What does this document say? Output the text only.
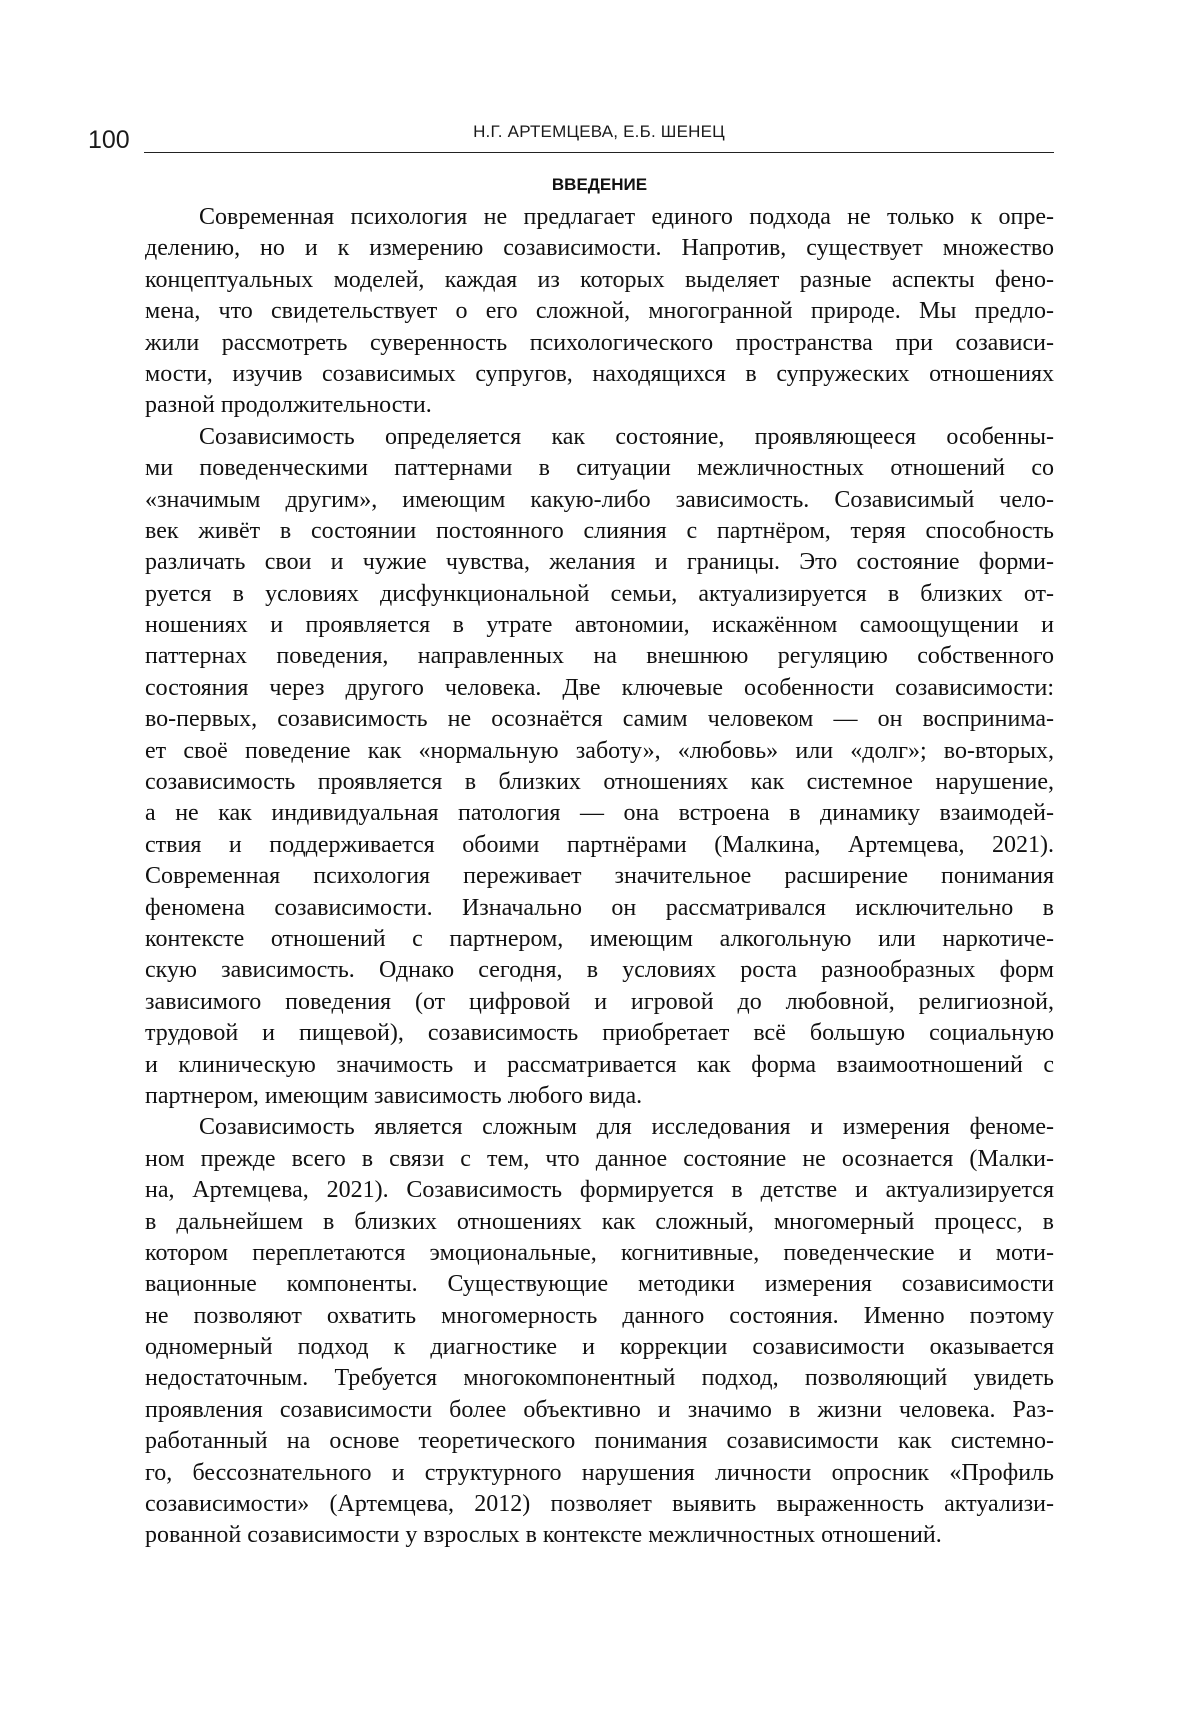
100	Н.Г. АРТЕМЦЕВА, Е.Б. ШЕНЕЦ
ВВЕДЕНИЕ
Современная психология не предлагает единого подхода не только к опре-
делению, но и к измерению созависимости. Напротив, существует множество
концептуальных моделей, каждая из которых выделяет разные аспекты фено-
мена, что свидетельствует о его сложной, многогранной природе. Мы предло-
жили рассмотреть суверенность психологического пространства при созависи-
мости, изучив созависимых супругов, находящихся в супружеских отношениях
разной продолжительности.
Созависимость определяется как состояние, проявляющееся особенны-
ми поведенческими паттернами в ситуации межличностных отношений со
«значимым другим», имеющим какую-либо зависимость. Созависимый чело-
век живёт в состоянии постоянного слияния с партнёром, теряя способность
различать свои и чужие чувства, желания и границы. Это состояние форми-
руется в условиях дисфункциональной семьи, актуализируется в близких от-
ношениях и проявляется в утрате автономии, искажённом самоощущении и
паттернах поведения, направленных на внешнюю регуляцию собственного
состояния через другого человека. Две ключевые особенности созависимости:
во-первых, созависимость не осознаётся самим человеком — он воспринима-
ет своё поведение как «нормальную заботу», «любовь» или «долг»; во-вторых,
созависимость проявляется в близких отношениях как системное нарушение,
а не как индивидуальная патология — она встроена в динамику взаимодей-
ствия и поддерживается обоими партнёрами (Малкина, Артемцева, 2021).
Современная психология переживает значительное расширение понимания
феномена созависимости. Изначально он рассматривался исключительно в
контексте отношений с партнером, имеющим алкогольную или наркотиче-
скую зависимость. Однако сегодня, в условиях роста разнообразных форм
зависимого поведения (от цифровой и игровой до любовной, религиозной,
трудовой и пищевой), созависимость приобретает всё большую социальную
и клиническую значимость и рассматривается как форма взаимоотношений с
партнером, имеющим зависимость любого вида.
Созависимость является сложным для исследования и измерения феноме-
ном прежде всего в связи с тем, что данное состояние не осознается (Малки-
на, Артемцева, 2021). Созависимость формируется в детстве и актуализируется
в дальнейшем в близких отношениях как сложный, многомерный процесс, в
котором переплетаются эмоциональные, когнитивные, поведенческие и моти-
вационные компоненты. Существующие методики измерения созависимости
не позволяют охватить многомерность данного состояния. Именно поэтому
одномерный подход к диагностике и коррекции созависимости оказывается
недостаточным. Требуется многокомпонентный подход, позволяющий увидеть
проявления созависимости более объективно и значимо в жизни человека. Раз-
работанный на основе теоретического понимания созависимости как системно-
го, бессознательного и структурного нарушения личности опросник «Профиль
созависимости» (Артемцева, 2012) позволяет выявить выраженность актуализи-
рованной созависимости у взрослых в контексте межличностных отношений.
